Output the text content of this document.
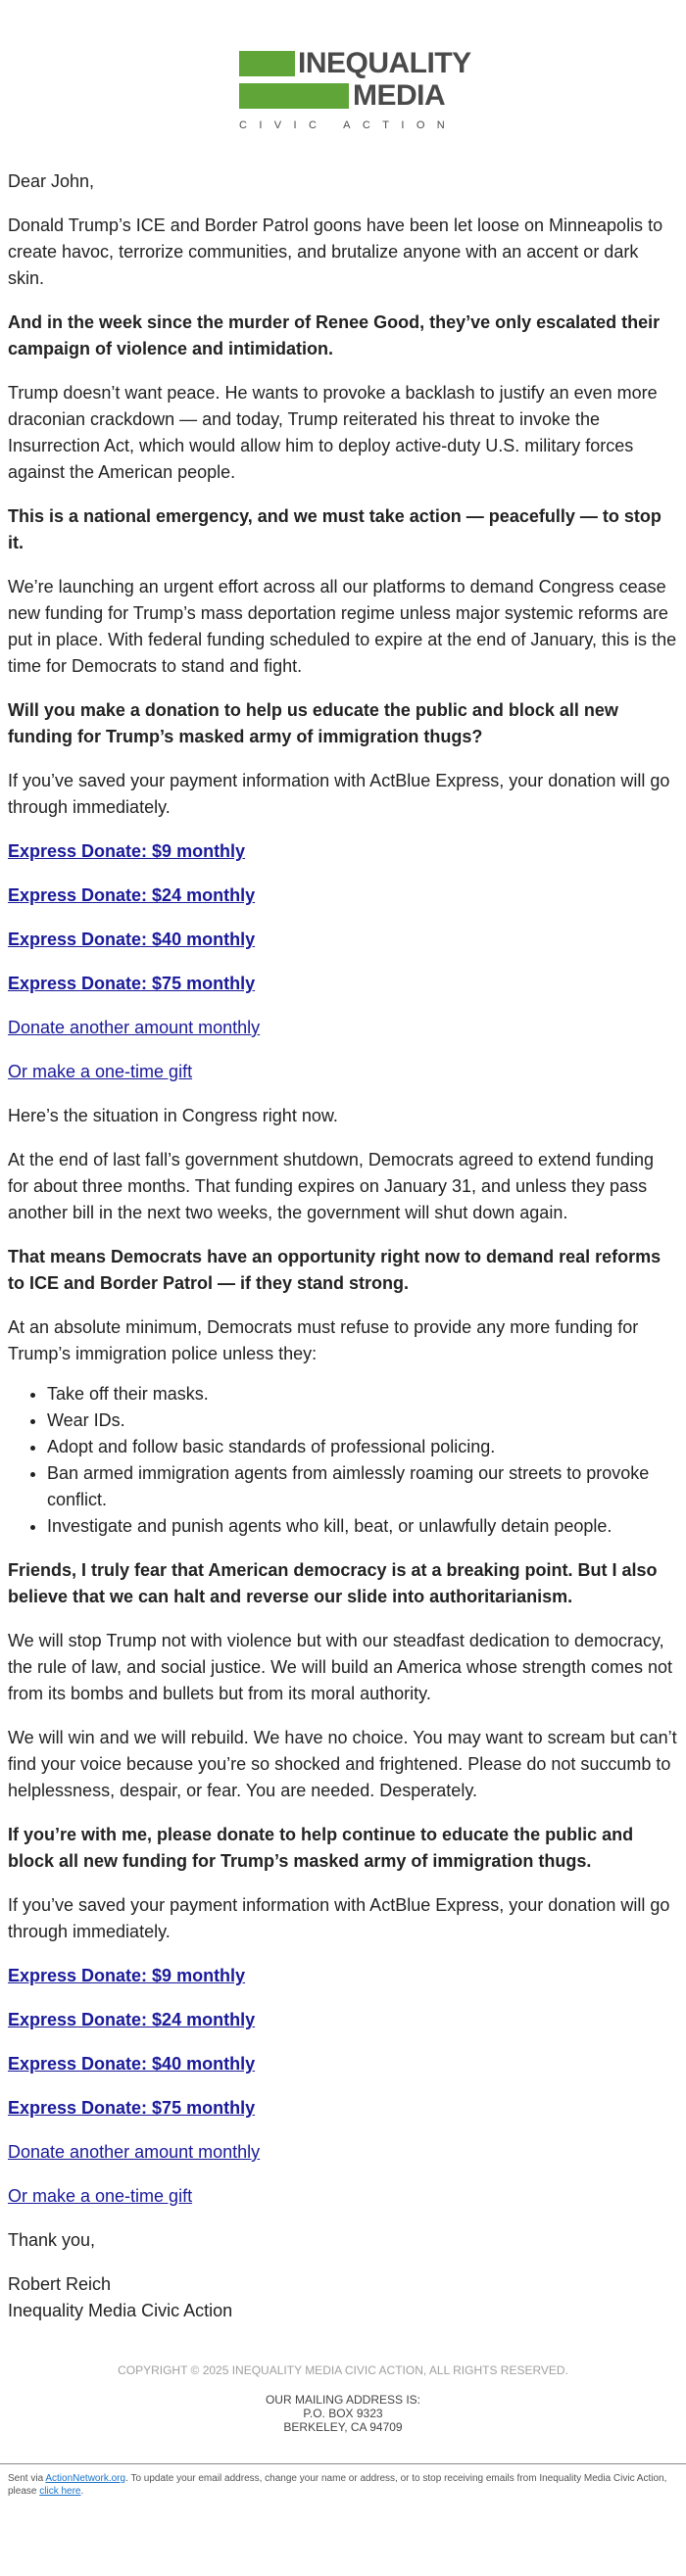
INEQUALITY
MEDIA
CIVIC ACTION

Dear John,

Donald Trump’s ICE and Border Patrol goons have been let loose on Minneapolis to create havoc, terrorize communities, and brutalize anyone with an accent or dark skin.

And in the week since the murder of Renee Good, they’ve only escalated their campaign of violence and intimidation.

Trump doesn’t want peace. He wants to provoke a backlash to justify an even more draconian crackdown — and today, Trump reiterated his threat to invoke the Insurrection Act, which would allow him to deploy active-duty U.S. military forces against the American people.

This is a national emergency, and we must take action — peacefully — to stop it.

We’re launching an urgent effort across all our platforms to demand Congress cease new funding for Trump’s mass deportation regime unless major systemic reforms are put in place. With federal funding scheduled to expire at the end of January, this is the time for Democrats to stand and fight.

Will you make a donation to help us educate the public and block all new funding for Trump’s masked army of immigration thugs?

If you’ve saved your payment information with ActBlue Express, your donation will go through immediately.

Express Donate: $9 monthly

Express Donate: $24 monthly

Express Donate: $40 monthly

Express Donate: $75 monthly

Donate another amount monthly

Or make a one-time gift

Here’s the situation in Congress right now.

At the end of last fall’s government shutdown, Democrats agreed to extend funding for about three months. That funding expires on January 31, and unless they pass another bill in the next two weeks, the government will shut down again.

That means Democrats have an opportunity right now to demand real reforms to ICE and Border Patrol — if they stand strong.

At an absolute minimum, Democrats must refuse to provide any more funding for Trump’s immigration police unless they:

• Take off their masks.
• Wear IDs.
• Adopt and follow basic standards of professional policing.
• Ban armed immigration agents from aimlessly roaming our streets to provoke conflict.
• Investigate and punish agents who kill, beat, or unlawfully detain people.

Friends, I truly fear that American democracy is at a breaking point. But I also believe that we can halt and reverse our slide into authoritarianism.

We will stop Trump not with violence but with our steadfast dedication to democracy, the rule of law, and social justice. We will build an America whose strength comes not from its bombs and bullets but from its moral authority.

We will win and we will rebuild. We have no choice. You may want to scream but can’t find your voice because you’re so shocked and frightened. Please do not succumb to helplessness, despair, or fear. You are needed. Desperately.

If you’re with me, please donate to help continue to educate the public and block all new funding for Trump’s masked army of immigration thugs.

If you’ve saved your payment information with ActBlue Express, your donation will go through immediately.

Express Donate: $9 monthly

Express Donate: $24 monthly

Express Donate: $40 monthly

Express Donate: $75 monthly

Donate another amount monthly

Or make a one-time gift

Thank you,

Robert Reich
Inequality Media Civic Action
COPYRIGHT © 2025 INEQUALITY MEDIA CIVIC ACTION, ALL RIGHTS RESERVED.
OUR MAILING ADDRESS IS:
P.O. BOX 9323
BERKELEY, CA 94709
Sent via ActionNetwork.org. To update your email address, change your name or address, or to stop receiving emails from Inequality Media Civic Action, please click here.
